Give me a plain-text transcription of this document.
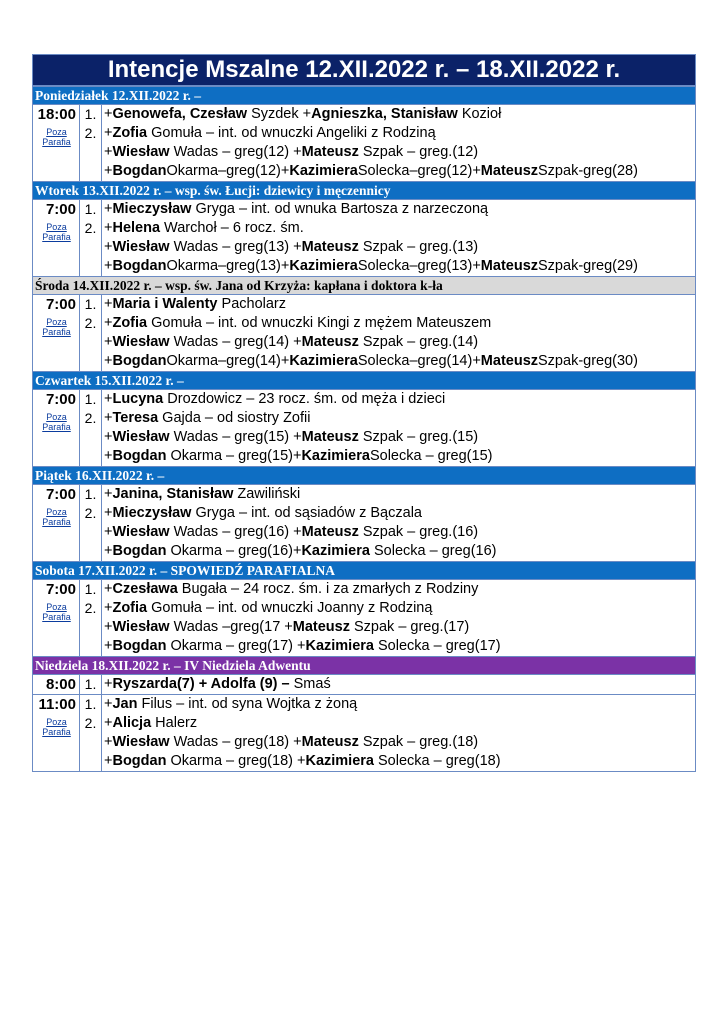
Intencje Mszalne 12.XII.2022 r. – 18.XII.2022 r.
Poniedziałek 12.XII.2022 r. –
18:00
Poza
Parafia
1.
2.
+Genowefa, Czesław Syzdek +Agnieszka, Stanisław Kozioł
+Zofia Gomuła – int. od wnuczki Angeliki z Rodziną
+Wiesław Wadas – greg(12) +Mateusz Szpak – greg.(12)
+BogdanOkarma–greg(12)+KazimieraSolecka–greg(12)+MateuszSzpak-greg(28)
Wtorek 13.XII.2022 r. – wsp. św. Łucji: dziewicy i męczennicy
7:00
Poza
Parafia
1.
2.
+Mieczysław Gryga – int. od wnuka Bartosza z narzeczoną
+Helena Warchoł – 6 rocz. śm.
+Wiesław Wadas – greg(13) +Mateusz Szpak – greg.(13)
+BogdanOkarma–greg(13)+KazimieraSolecka–greg(13)+MateuszSzpak-greg(29)
Środa 14.XII.2022 r. – wsp. św. Jana od Krzyża: kapłana i doktora k-ła
7:00
Poza
Parafia
1.
2.
+Maria i Walenty Pacholarz
+Zofia Gomuła – int. od wnuczki Kingi z mężem Mateuszem
+Wiesław Wadas – greg(14) +Mateusz Szpak – greg.(14)
+BogdanOkarma–greg(14)+KazimieraSolecka–greg(14)+MateuszSzpak-greg(30)
Czwartek 15.XII.2022 r. –
7:00
Poza
Parafia
1.
2.
+Lucyna Drozdowicz – 23 rocz. śm. od męża i dzieci
+Teresa Gajda – od siostry Zofii
+Wiesław Wadas – greg(15) +Mateusz Szpak – greg.(15)
+Bogdan Okarma – greg(15)+KazimieraSolecka – greg(15)
Piątek 16.XII.2022 r. –
7:00
Poza
Parafia
1.
2.
+Janina, Stanisław Zawiliński
+Mieczysław Gryga – int. od sąsiadów z Bączala
+Wiesław Wadas – greg(16) +Mateusz Szpak – greg.(16)
+Bogdan Okarma – greg(16)+Kazimiera Solecka – greg(16)
Sobota 17.XII.2022 r. – SPOWIEDŹ PARAFIALNA
7:00
Poza
Parafia
1.
2.
+Czesława Bugała – 24 rocz. śm. i za zmarłych z Rodziny
+Zofia Gomuła – int. od wnuczki Joanny z Rodziną
+Wiesław Wadas –greg(17 +Mateusz Szpak – greg.(17)
+Bogdan Okarma – greg(17) +Kazimiera Solecka – greg(17)
Niedziela 18.XII.2022 r. – IV Niedziela Adwentu
8:00 1. +Ryszarda(7) + Adolfa (9) – Smaś
11:00
Poza
Parafia
1.
2.
+Jan Filus – int. od syna Wojtka z żoną
+Alicja Halerz
+Wiesław Wadas – greg(18) +Mateusz Szpak – greg.(18)
+Bogdan Okarma – greg(18) +Kazimiera Solecka – greg(18)
